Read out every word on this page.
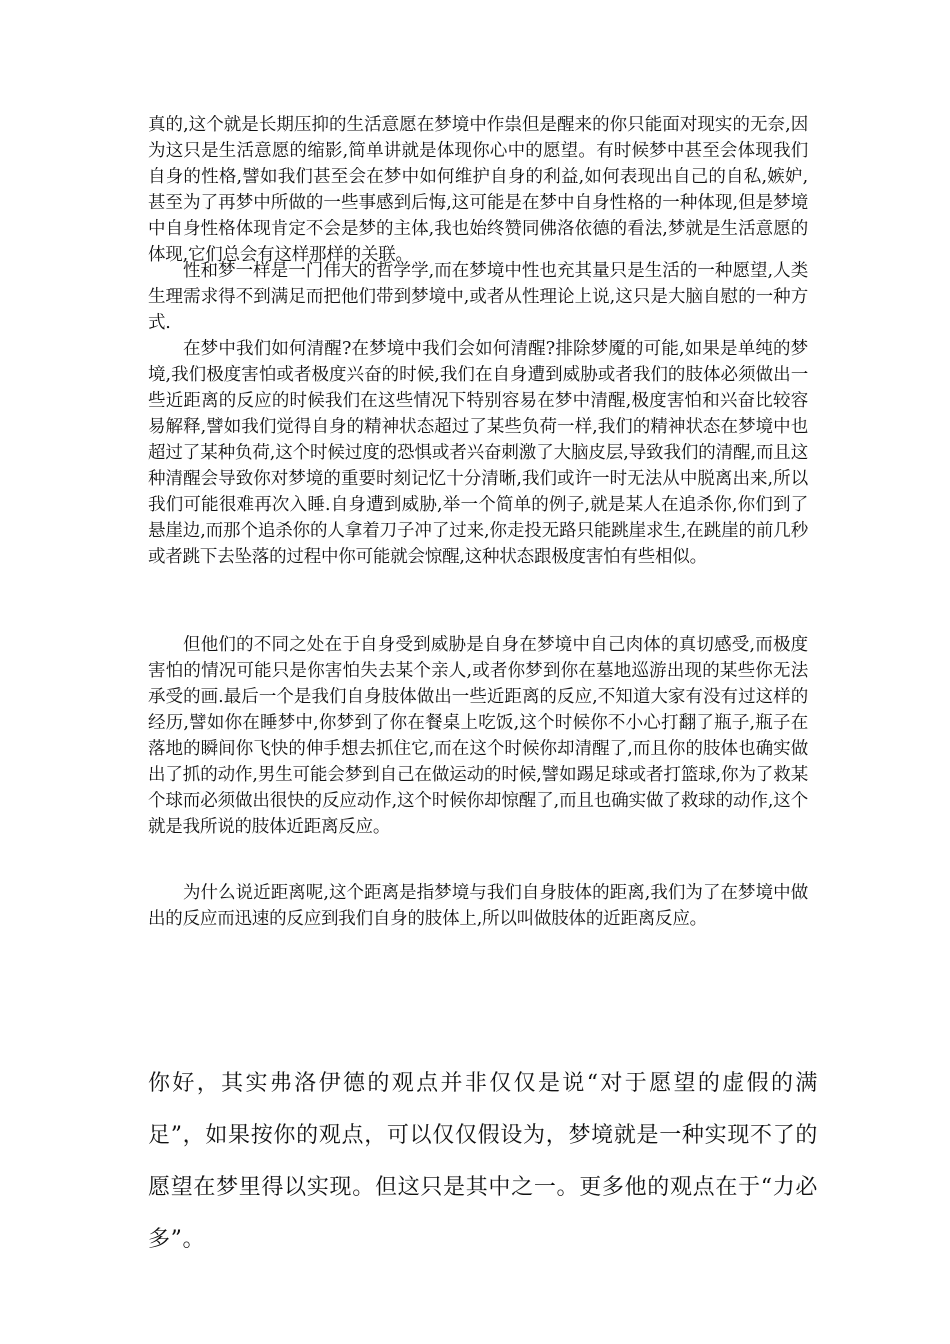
真的,这个就是长期压抑的生活意愿在梦境中作祟但是醒来的你只能面对现实的无奈,因为这只是生活意愿的缩影,简单讲就是体现你心中的愿望。有时候梦中甚至会体现我们自身的性格,譬如我们甚至会在梦中如何维护自身的利益,如何表现出自己的自私,嫉妒,甚至为了再梦中所做的一些事感到后悔,这可能是在梦中自身性格的一种体现,但是梦境中自身性格体现肯定不会是梦的主体,我也始终赞同佛洛依德的看法,梦就是生活意愿的体现,它们总会有这样那样的关联。

性和梦一样是一门伟大的哲学学,而在梦境中性也充其量只是生活的一种愿望,人类生理需求得不到满足而把他们带到梦境中,或者从性理论上说,这只是大脑自慰的一种方式.

在梦中我们如何清醒?在梦境中我们会如何清醒?排除梦魇的可能,如果是单纯的梦境,我们极度害怕或者极度兴奋的时候,我们在自身遭到威胁或者我们的肢体必须做出一些近距离的反应的时候我们在这些情况下特别容易在梦中清醒,极度害怕和兴奋比较容易解释,譬如我们觉得自身的精神状态超过了某些负荷一样,我们的精神状态在梦境中也超过了某种负荷,这个时候过度的恐惧或者兴奋刺激了大脑皮层,导致我们的清醒,而且这种清醒会导致你对梦境的重要时刻记忆十分清晰,我们或许一时无法从中脱离出来,所以我们可能很难再次入睡.自身遭到威胁,举一个简单的例子,就是某人在追杀你,你们到了悬崖边,而那个追杀你的人拿着刀子冲了过来,你走投无路只能跳崖求生,在跳崖的前几秒或者跳下去坠落的过程中你可能就会惊醒,这种状态跟极度害怕有些相似。

但他们的不同之处在于自身受到威胁是自身在梦境中自己肉体的真切感受,而极度害怕的情况可能只是你害怕失去某个亲人,或者你梦到你在墓地巡游出现的某些你无法承受的画.最后一个是我们自身肢体做出一些近距离的反应,不知道大家有没有过这样的经历,譬如你在睡梦中,你梦到了你在餐桌上吃饭,这个时候你不小心打翻了瓶子,瓶子在落地的瞬间你飞快的伸手想去抓住它,而在这个时候你却清醒了,而且你的肢体也确实做出了抓的动作,男生可能会梦到自己在做运动的时候,譬如踢足球或者打篮球,你为了救某个球而必须做出很快的反应动作,这个时候你却惊醒了,而且也确实做了救球的动作,这个就是我所说的肢体近距离反应。

为什么说近距离呢,这个距离是指梦境与我们自身肢体的距离,我们为了在梦境中做出的反应而迅速的反应到我们自身的肢体上,所以叫做肢体的近距离反应。

你好，其实弗洛伊德的观点并非仅仅是说“对于愿望的虚假的满足”，如果按你的观点，可以仅仅假设为，梦境就是一种实现不了的愿望在梦里得以实现。但这只是其中之一。更多他的观点在于“力必多”。
